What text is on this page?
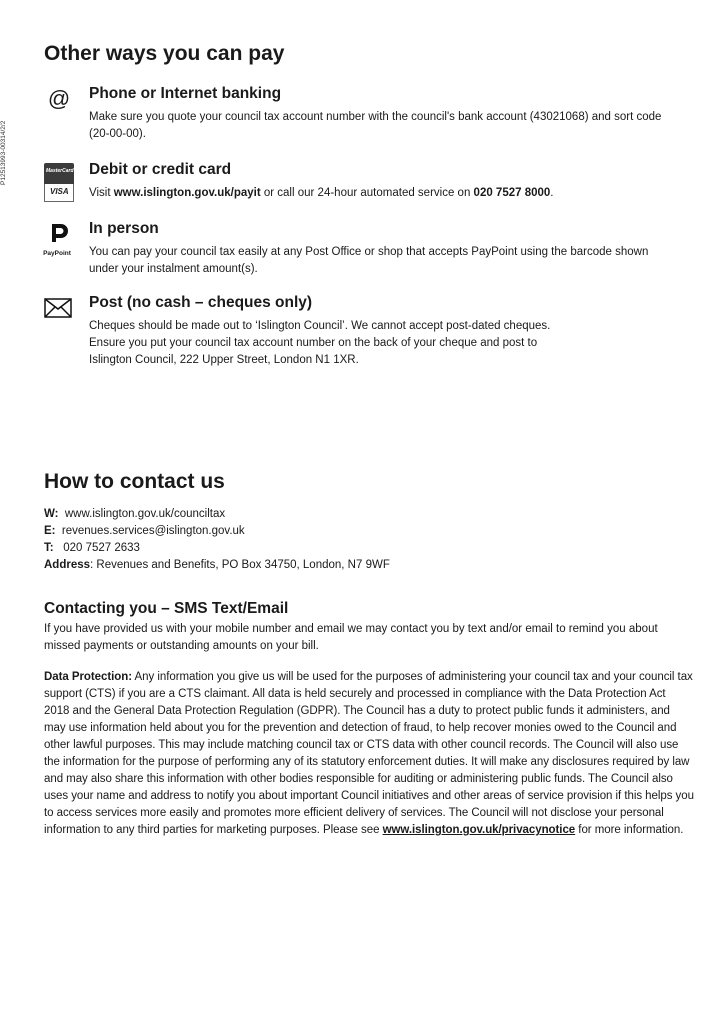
P12513993-00314/2/2
Other ways you can pay
@ Phone or Internet banking
Make sure you quote your council tax account number with the council's bank account (43021068) and sort code (20-00-00).
MasterCard
VISA
Debit or credit card
Visit www.islington.gov.uk/payit or call our 24-hour automated service on 020 7527 8000.
PayPoint
In person
You can pay your council tax easily at any Post Office or shop that accepts PayPoint using the barcode shown under your instalment amount(s).
Post (no cash – cheques only)
Cheques should be made out to ‘Islington Council’. We cannot accept post-dated cheques.
Ensure you put your council tax account number on the back of your cheque and post to
Islington Council, 222 Upper Street, London N1 1XR.
How to contact us
W: www.islington.gov.uk/counciltax
E: revenues.services@islington.gov.uk
T: 020 7527 2633
Address: Revenues and Benefits, PO Box 34750, London, N7 9WF
Contacting you – SMS Text/Email
If you have provided us with your mobile number and email we may contact you by text and/or email to remind you about missed payments or outstanding amounts on your bill.
Data Protection: Any information you give us will be used for the purposes of administering your council tax and your council tax support (CTS) if you are a CTS claimant. All data is held securely and processed in compliance with the Data Protection Act 2018 and the General Data Protection Regulation (GDPR). The Council has a duty to protect public funds it administers, and may use information held about you for the prevention and detection of fraud, to help recover monies owed to the Council and other lawful purposes. This may include matching council tax or CTS data with other council records. The Council will also use the information for the purpose of performing any of its statutory enforcement duties. It will make any disclosures required by law and may also share this information with other bodies responsible for auditing or administering public funds. The Council also uses your name and address to notify you about important Council initiatives and other areas of service provision if this helps you to access services more easily and promotes more efficient delivery of services. The Council will not disclose your personal information to any third parties for marketing purposes. Please see www.islington.gov.uk/privacynotice for more information.
